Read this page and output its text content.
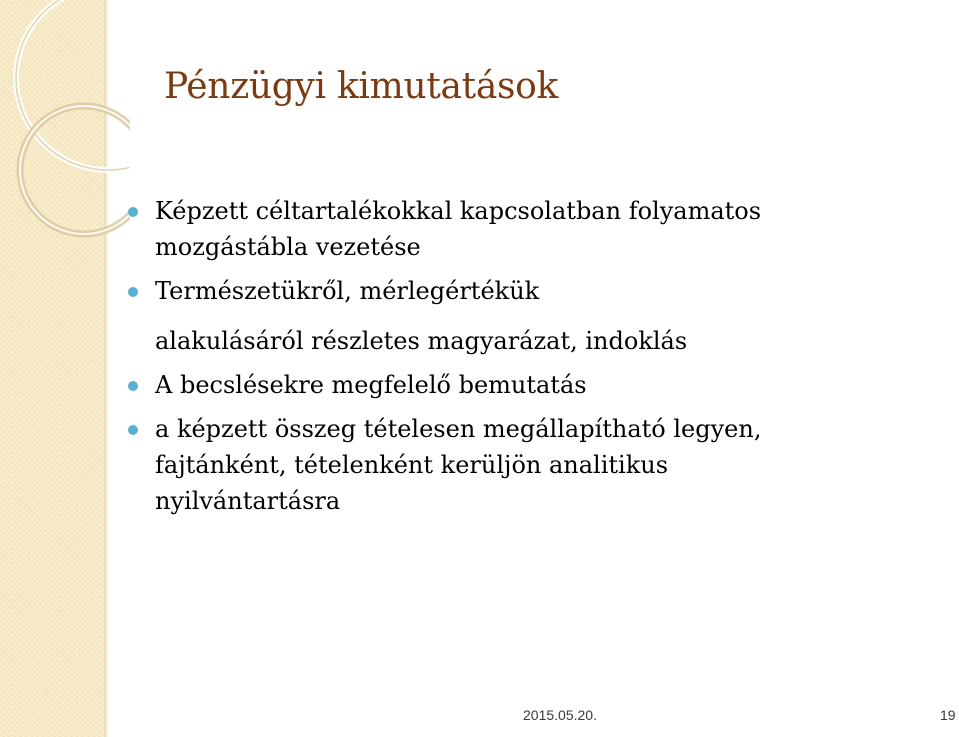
Pénzügyi kimutatások
Képzett céltartalékokkal kapcsolatban folyamatos
mozgástábla vezetése
Természetükről, mérlegértékük
alakulásáról részletes magyarázat, indoklás
A becslésekre megfelelő bemutatás
a képzett összeg tételesen megállapítható legyen,
fajtánként, tételenként kerüljön analitikus
nyilvántartásra
2015.05.20.	19
